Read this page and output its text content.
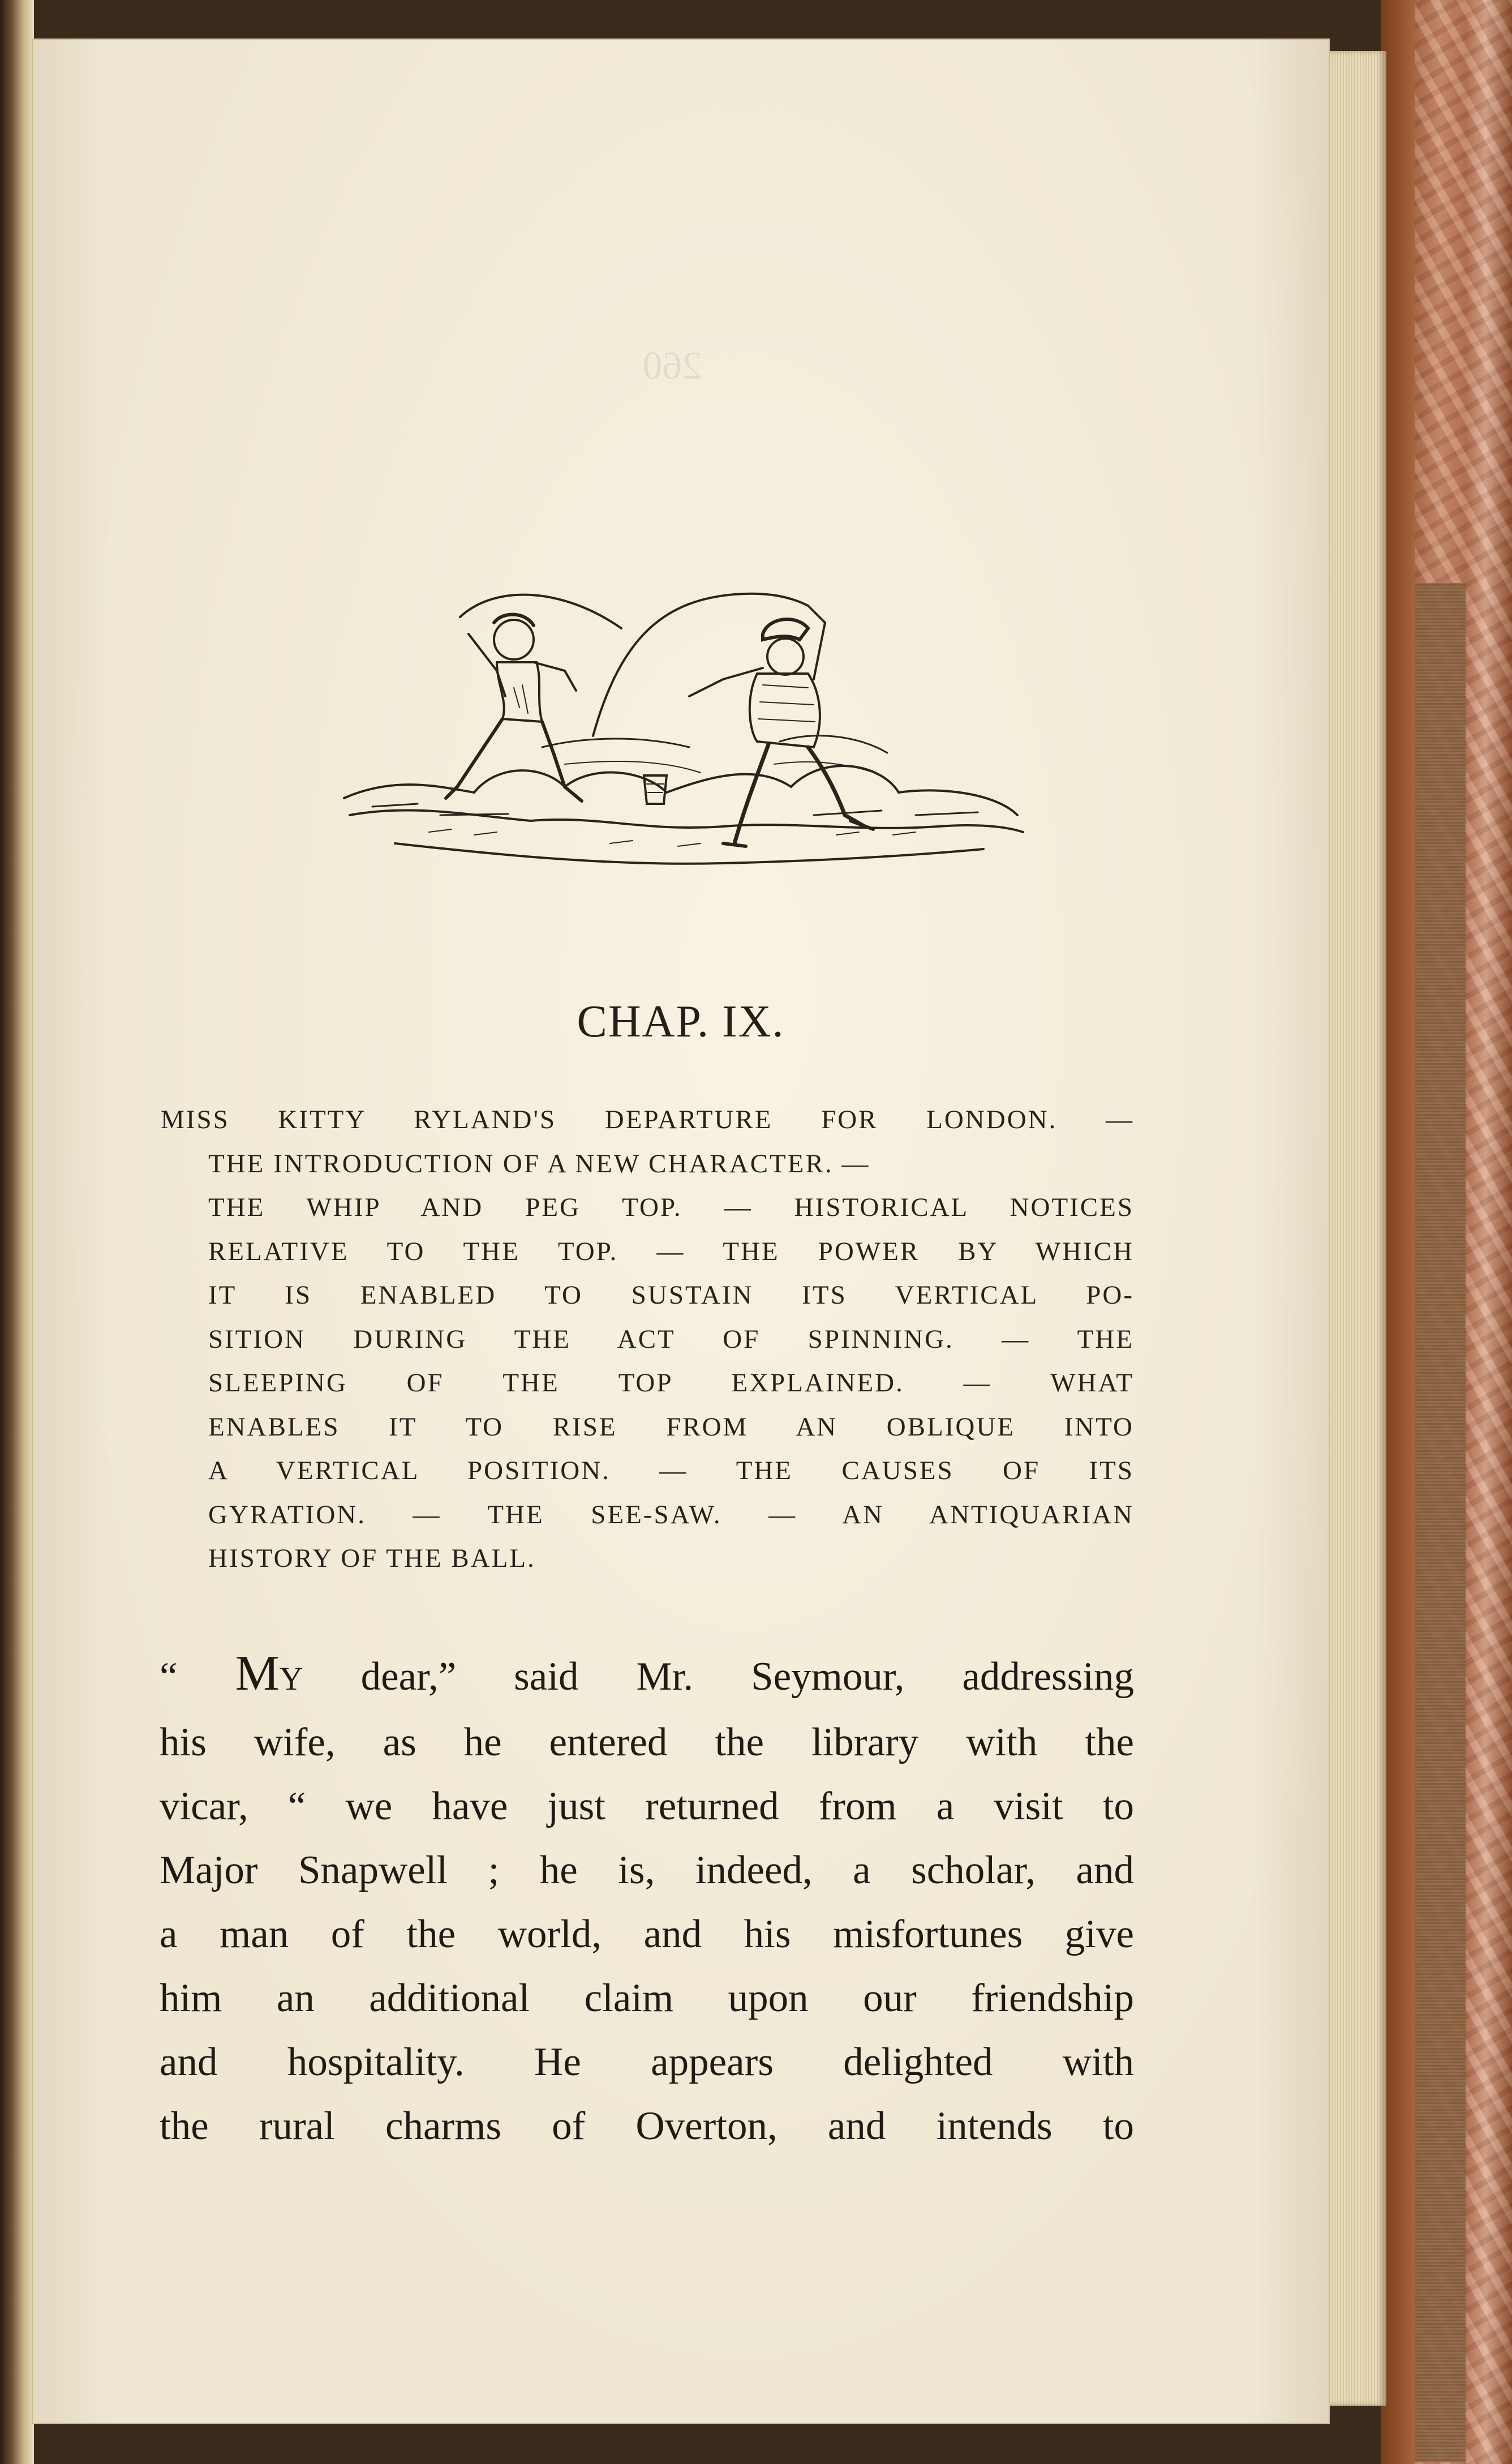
260
CHAP. IX.
MISS KITTY RYLAND'S DEPARTURE FOR LONDON. —
THE INTRODUCTION OF A NEW CHARACTER. —
THE WHIP AND PEG TOP. — HISTORICAL NOTICES
RELATIVE TO THE TOP. — THE POWER BY WHICH
IT IS ENABLED TO SUSTAIN ITS VERTICAL PO-
SITION DURING THE ACT OF SPINNING. — THE
SLEEPING OF THE TOP EXPLAINED. — WHAT
ENABLES IT TO RISE FROM AN OBLIQUE INTO
A VERTICAL POSITION. — THE CAUSES OF ITS
GYRATION. — THE SEE-SAW. — AN ANTIQUARIAN
HISTORY OF THE BALL.
“ MY dear,” said Mr. Seymour, addressing
his wife, as he entered the library with the
vicar, “ we have just returned from a visit to
Major Snapwell ; he is, indeed, a scholar, and
a man of the world, and his misfortunes give
him an additional claim upon our friendship
and hospitality. He appears delighted with
the rural charms of Overton, and intends to
